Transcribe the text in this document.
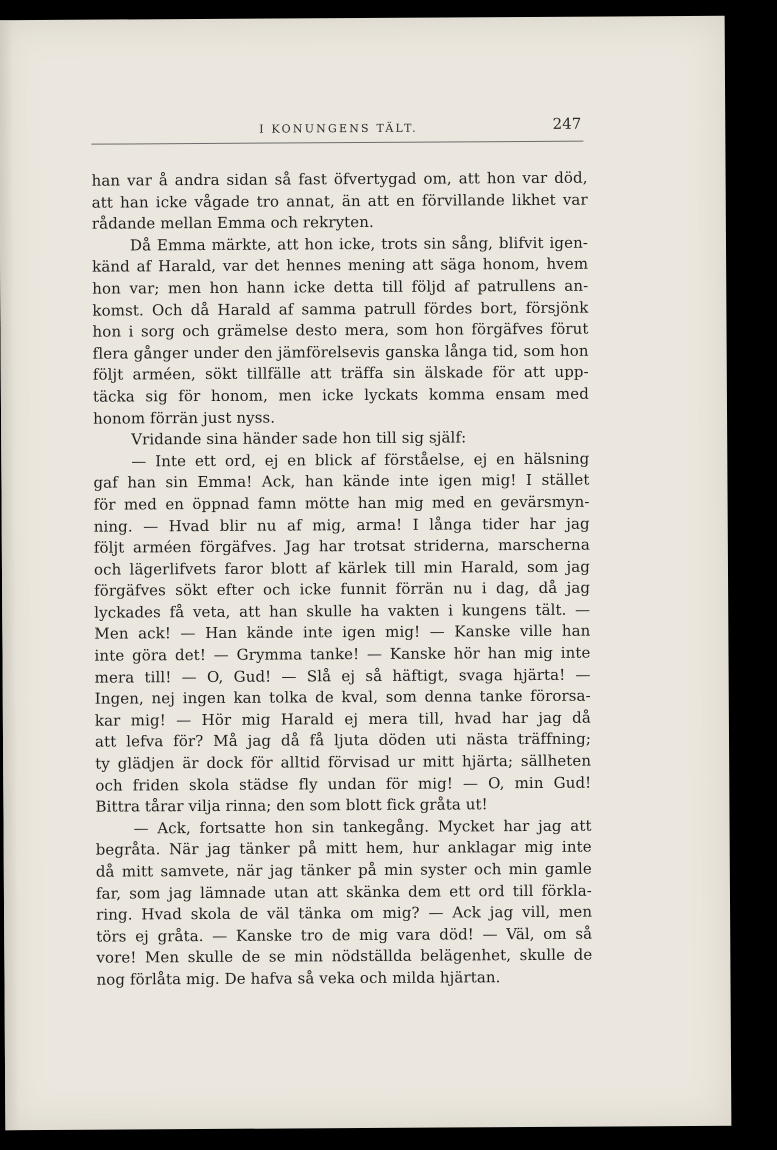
I KONUNGENS TÄLT.	247
han var å andra sidan så fast öfvertygad om, att hon var död,
att han icke vågade tro annat, än att en förvillande likhet var
rådande mellan Emma och rekryten.
Då Emma märkte, att hon icke, trots sin sång, blifvit igen-
känd af Harald, var det hennes mening att säga honom, hvem
hon var; men hon hann icke detta till följd af patrullens an-
komst. Och då Harald af samma patrull fördes bort, försjönk
hon i sorg och grämelse desto mera, som hon förgäfves förut
flera gånger under den jämförelsevis ganska långa tid, som hon
följt arméen, sökt tillfälle att träffa sin älskade för att upp-
täcka sig för honom, men icke lyckats komma ensam med
honom förrän just nyss.
Vridande sina händer sade hon till sig själf:
— Inte ett ord, ej en blick af förståelse, ej en hälsning
gaf han sin Emma! Ack, han kände inte igen mig! I stället
för med en öppnad famn mötte han mig med en gevärsmyn-
ning. — Hvad blir nu af mig, arma! I långa tider har jag
följt arméen förgäfves. Jag har trotsat striderna, marscherna
och lägerlifvets faror blott af kärlek till min Harald, som jag
förgäfves sökt efter och icke funnit förrän nu i dag, då jag
lyckades få veta, att han skulle ha vakten i kungens tält. —
Men ack! — Han kände inte igen mig! — Kanske ville han
inte göra det! — Grymma tanke! — Kanske hör han mig inte
mera till! — O, Gud! — Slå ej så häftigt, svaga hjärta! —
Ingen, nej ingen kan tolka de kval, som denna tanke förorsa-
kar mig! — Hör mig Harald ej mera till, hvad har jag då
att lefva för? Må jag då få ljuta döden uti nästa träffning;
ty glädjen är dock för alltid förvisad ur mitt hjärta; sällheten
och friden skola städse fly undan för mig! — O, min Gud!
Bittra tårar vilja rinna; den som blott fick gråta ut!
— Ack, fortsatte hon sin tankegång. Mycket har jag att
begråta. När jag tänker på mitt hem, hur anklagar mig inte
då mitt samvete, när jag tänker på min syster och min gamle
far, som jag lämnade utan att skänka dem ett ord till förkla-
ring. Hvad skola de väl tänka om mig? — Ack jag vill, men
törs ej gråta. — Kanske tro de mig vara död! — Väl, om så
vore! Men skulle de se min nödställda belägenhet, skulle de
nog förlåta mig. De hafva så veka och milda hjärtan.
